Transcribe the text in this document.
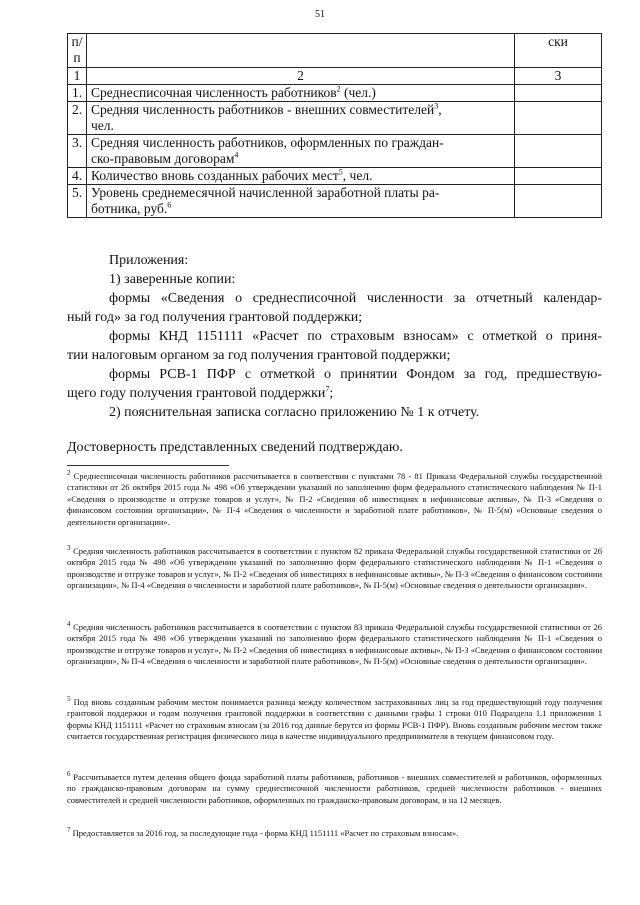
51
п/
п		ски
1	2	3
1.	Среднесписочная численность работников$^2$ (чел.)	
2.	Средняя численность работников - внешних совместителей$^3$,
чел.	
3.	Средняя численность работников, оформленных по граждан-
ско-правовым договорам$^4$	
4.	Количество вновь созданных рабочих мест$^5$, чел.	
5.	Уровень среднемесячной начисленной заработной платы ра-
ботника, руб.$^6$	
Приложения:
1) заверенные копии:
формы «Сведения о среднесписочной численности за отчетный календар-
ный год» за год получения грантовой поддержки;
формы КНД 1151111 «Расчет по страховым взносам» с отметкой о приня-
тии налоговым органом за год получения грантовой поддержки;
формы РСВ-1 ПФР с отметкой о принятии Фондом за год, предшествую-
щего году получения грантовой поддержки$^7$;
2) пояснительная записка согласно приложению № 1 к отчету.
Достоверность представленных сведений подтверждаю.
$^2$ Среднесписочная численность работников рассчитывается в соответствии с пунктами 78 - 81 Приказа Федеральной службы государственной статистики от 26 октября 2015 года № 498 «Об утверждении указаний по заполнению форм федерального статистического наблюдения № П-1 «Сведения о производстве и отгрузке товаров и услуг», № П-2 «Сведения об инвестициях в нефинансовые активы», № П-3 «Сведения о финансовом состоянии организации», № П-4 «Сведения о численности и заработной плате работников», № П-5(м) «Основные сведения о деятельности организации».
$^3$ Средняя численность работников рассчитывается в соответствии с пунктом 82 приказа Федеральной службы государственной статистики от 26 октября 2015 года № 498 «Об утверждении указаний по заполнению форм федерального статистического наблюдения № П-1 «Сведения о производстве и отгрузке товаров и услуг», № П-2 «Сведения об инвестициях в нефинансовые активы», № П-3 «Сведения о финансовом состоянии организации», № П-4 «Сведения о численности и заработной плате работников», № П-5(м) «Основные сведения о деятельности организации».
$^4$ Средняя численность работников рассчитывается в соответствии с пунктом 83 приказа Федеральной службы государственной статистики от 26 октября 2015 года № 498 «Об утверждении указаний по заполнению форм федерального статистического наблюдения № П-1 «Сведения о производстве и отгрузке товаров и услуг», № П-2 «Сведения об инвестициях в нефинансовые активы», № П-3 «Сведения о финансовом состоянии организации», № П-4 «Сведения о численности и заработной плате работников», № П-5(м) «Основные сведения о деятельности организации».
$^5$ Под вновь созданным рабочим местом понимается разница между количеством застрахованных лиц за год предшествующий году получения грантовой поддержки и годом получения грантовой поддержки в соответствии с данными графы 1 строки 010 Подраздела 1.1 приложения 1 формы КНД 1151111 «Расчет по страховым взносам (за 2016 год данные берутся из формы РСВ-1 ПФР). Вновь созданным рабочим местом также считается государственная регистрация физического лица в качестве индивидуального предпринимателя в текущем финансовом году.
$^6$ Рассчитывается путем деления общего фонда заработной платы работников, работников - внешних совместителей и работников, оформленных по гражданско-правовым договорам на сумму среднесписочной численности работников, средней численности работников - внешних совместителей и средней численности работников, оформленных по гражданско-правовым договорам, и на 12 месяцев.
$^7$ Предоставляется за 2016 год, за последующие года - форма КНД 1151111 «Расчет по страховым взносам».
